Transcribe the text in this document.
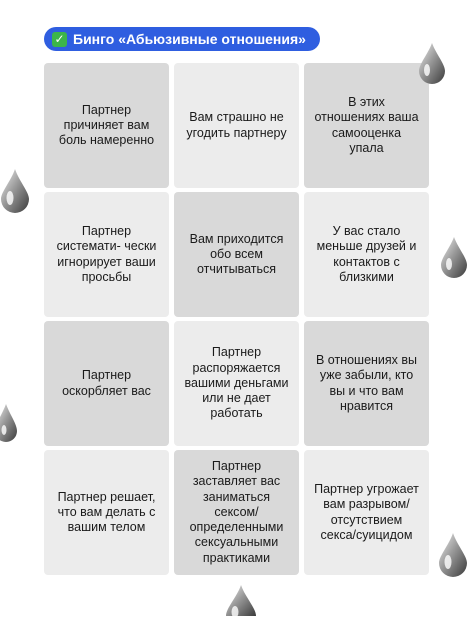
✓ Бинго «Абьюзивные отношения»
Партнер причиняет вам боль намеренно
Вам страшно не угодить партнеру
В этих отношениях ваша самооценка упала
Партнер системати- чески игнорирует ваши просьбы
Вам приходится обо всем отчитываться
У вас стало меньше друзей и контактов с близкими
Партнер оскорбляет вас
Партнер распоряжается вашими деньгами или не дает работать
В отношениях вы уже забыли, кто вы и что вам нравится
Партнер решает, что вам делать с вашим телом
Партнер заставляет вас заниматься сексом/ определенными сексуальными практиками
Партнер угрожает вам разрывом/ отсутствием секса/суицидом
